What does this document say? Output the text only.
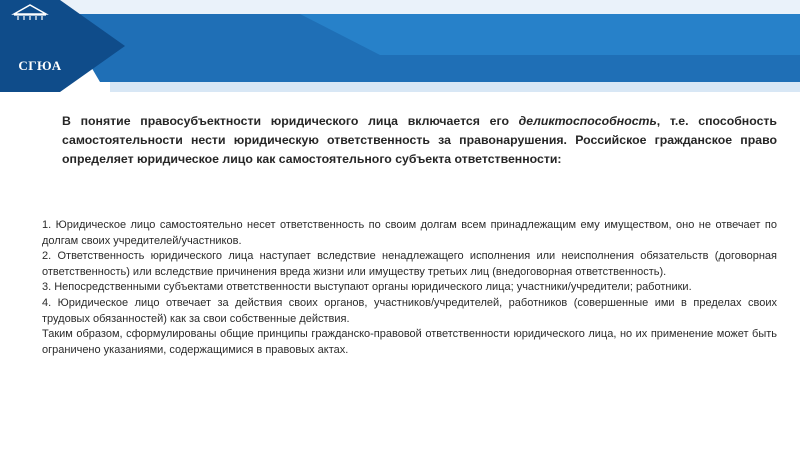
СГЮА
В понятие правосубъектности юридического лица включается его деликтоспособность, т.е. способность самостоятельности нести юридическую ответственность за правонарушения. Российское гражданское право определяет юридическое лицо как самостоятельного субъекта ответственности:

1. Юридическое лицо самостоятельно несет ответственность по своим долгам всем принадлежащим ему имуществом, оно не отвечает по долгам своих учредителей/участников.

2. Ответственность юридического лица наступает вследствие ненадлежащего исполнения или неисполнения обязательств (договорная ответственность) или вследствие причинения вреда жизни или имуществу третьих лиц (внедоговорная ответственность).

3. Непосредственными субъектами ответственности выступают органы юридического лица; участники/учредители; работники.

4. Юридическое лицо отвечает за действия своих органов, участников/учредителей, работников (совершенные ими в пределах своих трудовых обязанностей) как за свои собственные действия.

Таким образом, сформулированы общие принципы гражданско-правовой ответственности юридического лица, но их применение может быть ограничено указаниями, содержащимися в правовых актах.
